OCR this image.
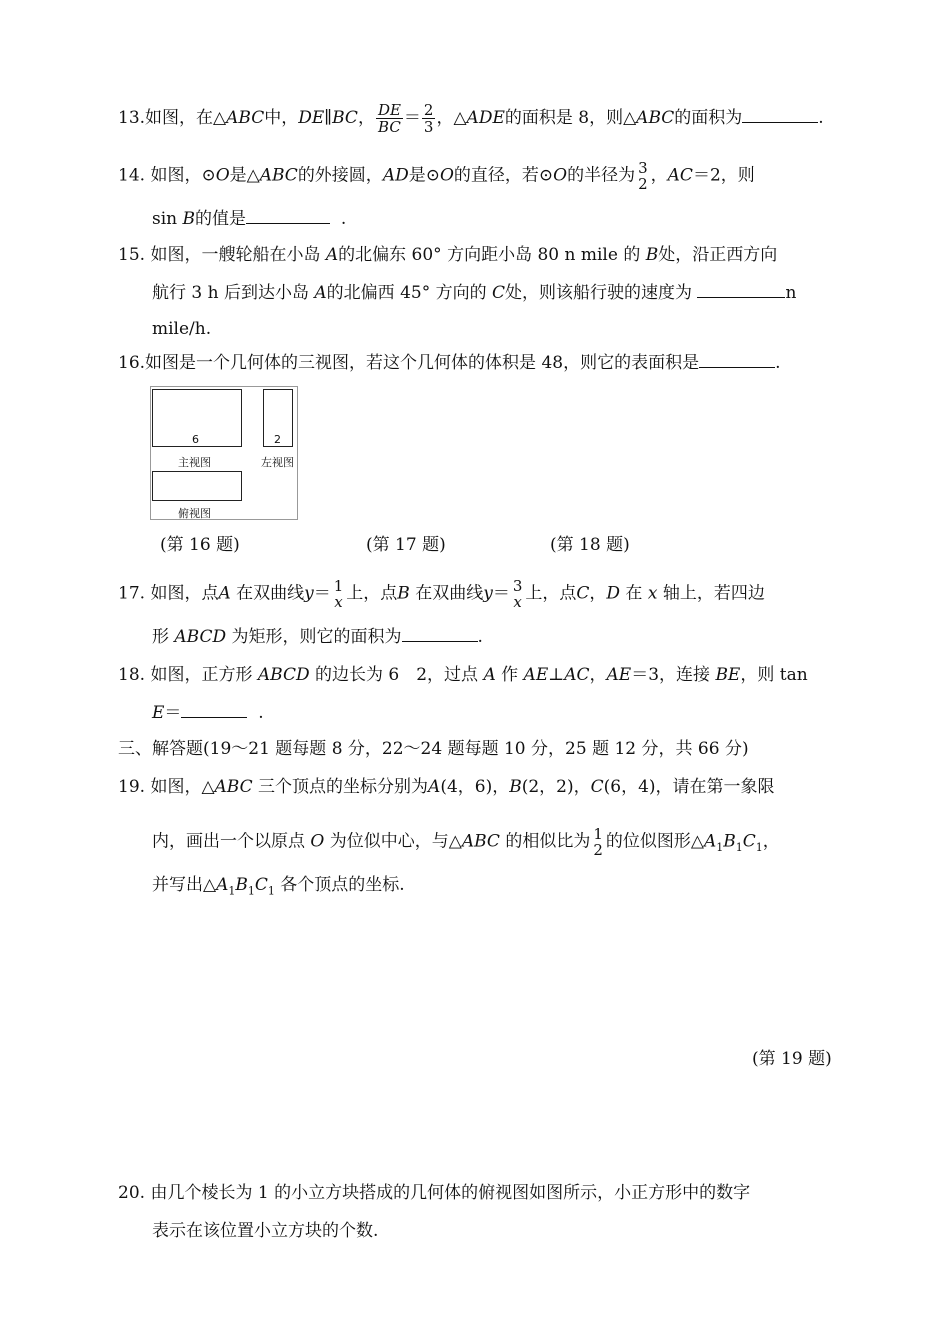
13.如图，在△ABC中，DE∥BC， $\frac{DE}{BC} = \frac{2}{3}$ ，△ADE的面积是 8，则△ABC的面积为	.
14. 如图，⊙O是△ABC的外接圆，AD是⊙O的直径，若⊙O的半径为 3
2 ，AC＝2，则
sin B的值是	.
15. 如图，一艘轮船在小岛 A的北偏东 60° 方向距小岛 80 n mile 的 B处，沿正西方向
航行 3 h 后到达小岛 A的北偏西 45° 方向的 C处，则该船行驶的速度为	n
mile/h.
16.如图是一个几何体的三视图，若这个几何体的体积是 48，则它的表面积是	.
6
主视图
2
左视图
俯视图
(第 16 题)	(第 17 题)	(第 18 题)
17. 如图，点A 在双曲线y＝ 1
x 上，点B 在双曲线y＝ 3
x 上，点C，D 在 x 轴上，若四边
形 ABCD 为矩形，则它的面积为	.
18. 如图，正方形 ABCD 的边长为 6　2，过点 A 作 AE⊥AC，AE＝3，连接 BE，则 tan
E＝	.
三、解答题(19～21 题每题 8 分，22～24 题每题 10 分，25 题 12 分，共 66 分)
19. 如图，△ABC 三个顶点的坐标分别为A(4，6)，B(2，2)，C(6，4)，请在第一象限
内，画出一个以原点 O 为位似中心，与△ABC 的相似比为 1
2 的位似图形$\triangle A_1B_1C_1$，
并写出$\triangle A_1B_1C_1$ 各个顶点的坐标.
(第 19 题)
20. 由几个棱长为 1 的小立方块搭成的几何体的俯视图如图所示，小正方形中的数字
表示在该位置小立方块的个数.
